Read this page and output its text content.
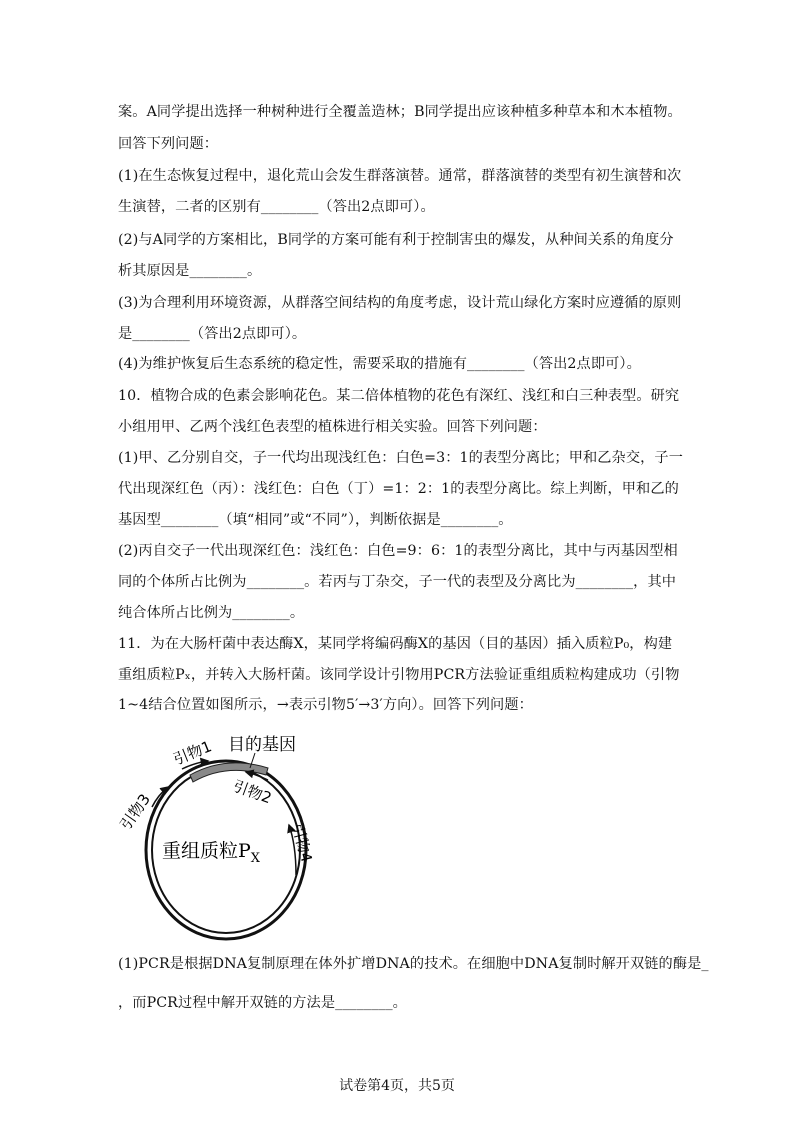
案。A同学提出选择一种树种进行全覆盖造林；B同学提出应该种植多种草本和木本植物。
回答下列问题：
(1)在生态恢复过程中，退化荒山会发生群落演替。通常，群落演替的类型有初生演替和次
生演替，二者的区别有________（答出2点即可）。
(2)与A同学的方案相比，B同学的方案可能有利于控制害虫的爆发，从种间关系的角度分
析其原因是________。
(3)为合理利用环境资源，从群落空间结构的角度考虑，设计荒山绿化方案时应遵循的原则
是________（答出2点即可）。
(4)为维护恢复后生态系统的稳定性，需要采取的措施有________（答出2点即可）。
10．植物合成的色素会影响花色。某二倍体植物的花色有深红、浅红和白三种表型。研究
小组用甲、乙两个浅红色表型的植株进行相关实验。回答下列问题：
(1)甲、乙分别自交，子一代均出现浅红色：白色=3：1的表型分离比；甲和乙杂交，子一
代出现深红色（丙）：浅红色：白色（丁）=1：2：1的表型分离比。综上判断，甲和乙的
基因型________（填“相同”或“不同”），判断依据是________。
(2)丙自交子一代出现深红色：浅红色：白色=9：6：1的表型分离比，其中与丙基因型相
同的个体所占比例为________。若丙与丁杂交，子一代的表型及分离比为________，其中
纯合体所占比例为________。
11．为在大肠杆菌中表达酶X，某同学将编码酶X的基因（目的基因）插入质粒P₀，构建
重组质粒Pₓ，并转入大肠杆菌。该同学设计引物用PCR方法验证重组质粒构建成功（引物
1~4结合位置如图所示，→表示引物5′→3′方向）。回答下列问题：
(1)PCR是根据DNA复制原理在体外扩增DNA的技术。在细胞中DNA复制时解开双链的酶是_
，而PCR过程中解开双链的方法是________。
目的基因
引物1
引物2
引物3
引物4
重组质粒$P_X$
试卷第4页，共5页
